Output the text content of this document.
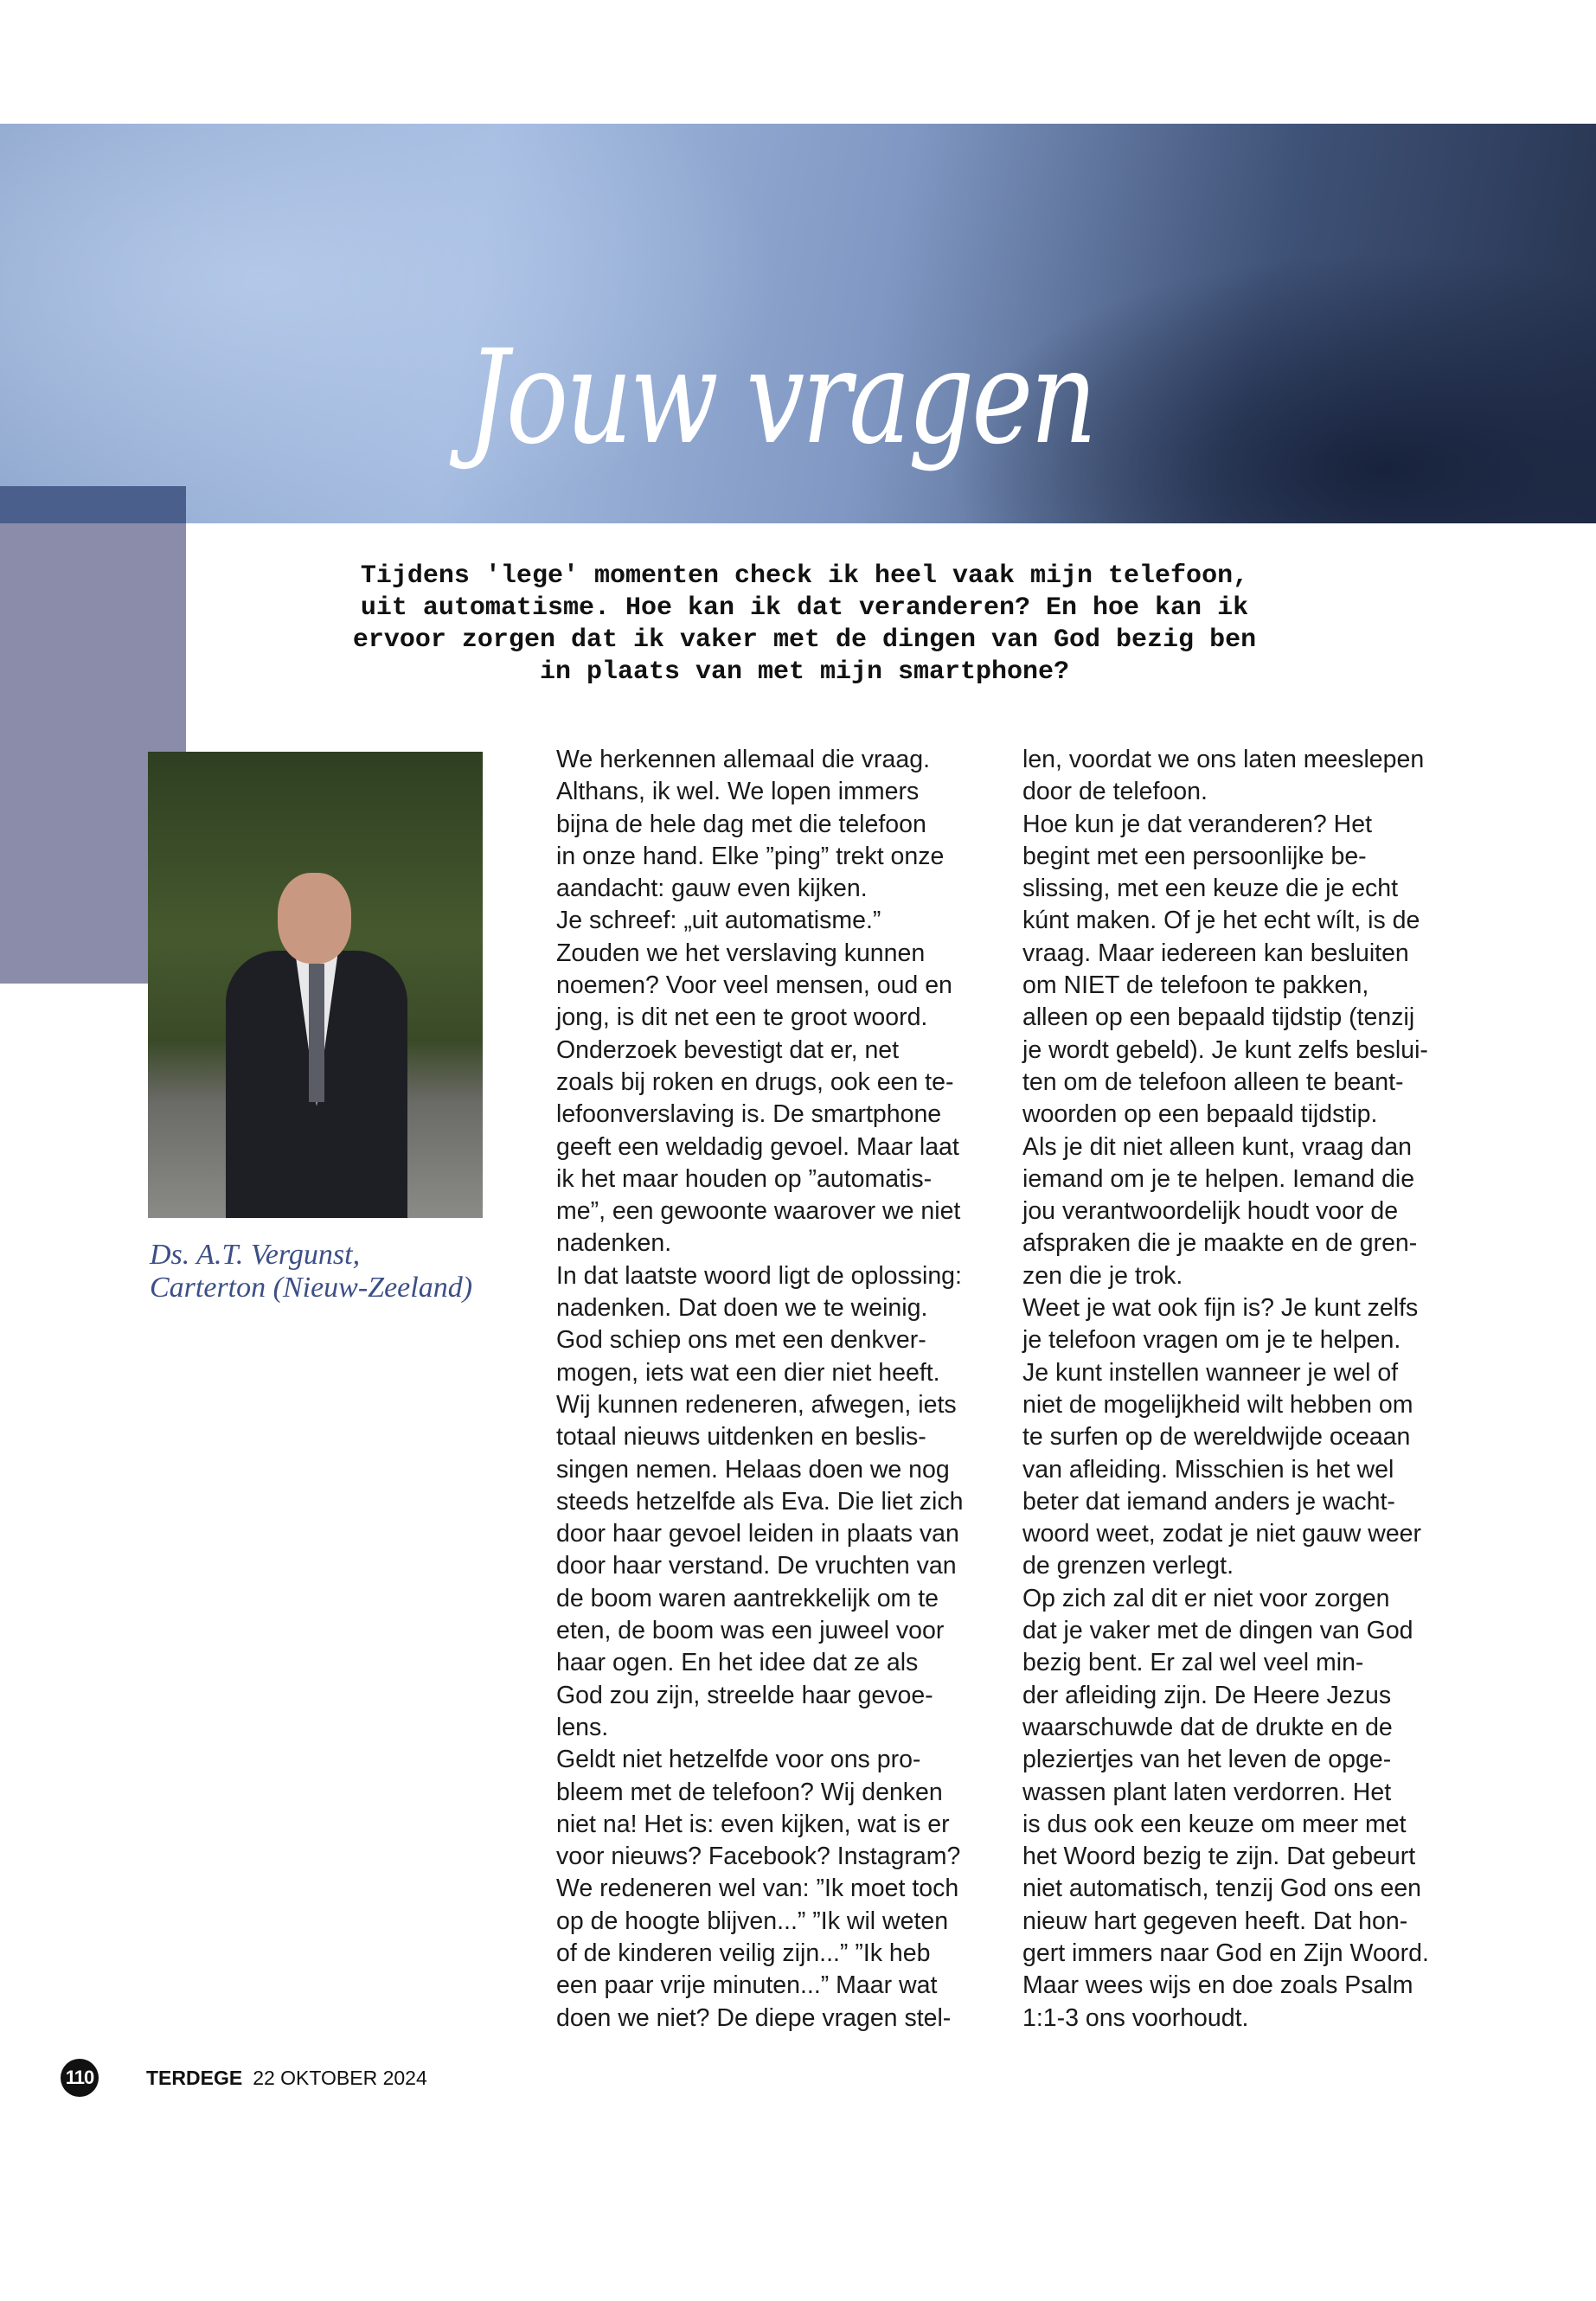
Jouw vragen
Tijdens 'lege' momenten check ik heel vaak mijn telefoon,
uit automatisme. Hoe kan ik dat veranderen? En hoe kan ik
ervoor zorgen dat ik vaker met de dingen van God bezig ben
in plaats van met mijn smartphone?
Ds. A.T. Vergunst,
Carterton (Nieuw-Zeeland)
We herkennen allemaal die vraag.
Althans, ik wel. We lopen immers
bijna de hele dag met die telefoon
in onze hand. Elke ”ping” trekt onze
aandacht: gauw even kijken.
Je schreef: „uit automatisme.”
Zouden we het verslaving kunnen
noemen? Voor veel mensen, oud en
jong, is dit net een te groot woord.
Onderzoek bevestigt dat er, net
zoals bij roken en drugs, ook een te-
lefoonverslaving is. De smartphone
geeft een weldadig gevoel. Maar laat
ik het maar houden op ”automatis-
me”, een gewoonte waarover we niet
nadenken.
In dat laatste woord ligt de oplossing:
nadenken. Dat doen we te weinig.
God schiep ons met een denkver-
mogen, iets wat een dier niet heeft.
Wij kunnen redeneren, afwegen, iets
totaal nieuws uitdenken en beslis-
singen nemen. Helaas doen we nog
steeds hetzelfde als Eva. Die liet zich
door haar gevoel leiden in plaats van
door haar verstand. De vruchten van
de boom waren aantrekkelijk om te
eten, de boom was een juweel voor
haar ogen. En het idee dat ze als
God zou zijn, streelde haar gevoe-
lens.
Geldt niet hetzelfde voor ons pro-
bleem met de telefoon? Wij denken
niet na! Het is: even kijken, wat is er
voor nieuws? Facebook? Instagram?
We redeneren wel van: ”Ik moet toch
op de hoogte blijven...” ”Ik wil weten
of de kinderen veilig zijn...” ”Ik heb
een paar vrije minuten...” Maar wat
doen we niet? De diepe vragen stel-
len, voordat we ons laten meeslepen
door de telefoon.
Hoe kun je dat veranderen? Het
begint met een persoonlijke be-
slissing, met een keuze die je echt
kúnt maken. Of je het echt wílt, is de
vraag. Maar iedereen kan besluiten
om NIET de telefoon te pakken,
alleen op een bepaald tijdstip (tenzij
je wordt gebeld). Je kunt zelfs beslui-
ten om de telefoon alleen te beant-
woorden op een bepaald tijdstip.
Als je dit niet alleen kunt, vraag dan
iemand om je te helpen. Iemand die
jou verantwoordelijk houdt voor de
afspraken die je maakte en de gren-
zen die je trok.
Weet je wat ook fijn is? Je kunt zelfs
je telefoon vragen om je te helpen.
Je kunt instellen wanneer je wel of
niet de mogelijkheid wilt hebben om
te surfen op de wereldwijde oceaan
van afleiding. Misschien is het wel
beter dat iemand anders je wacht-
woord weet, zodat je niet gauw weer
de grenzen verlegt.
Op zich zal dit er niet voor zorgen
dat je vaker met de dingen van God
bezig bent. Er zal wel veel min-
der afleiding zijn. De Heere Jezus
waarschuwde dat de drukte en de
pleziertjes van het leven de opge-
wassen plant laten verdorren. Het
is dus ook een keuze om meer met
het Woord bezig te zijn. Dat gebeurt
niet automatisch, tenzij God ons een
nieuw hart gegeven heeft. Dat hon-
gert immers naar God en Zijn Woord.
Maar wees wijs en doe zoals Psalm
1:1-3 ons voorhoudt.
110	TERDEGE 22 OKTOBER 2024
